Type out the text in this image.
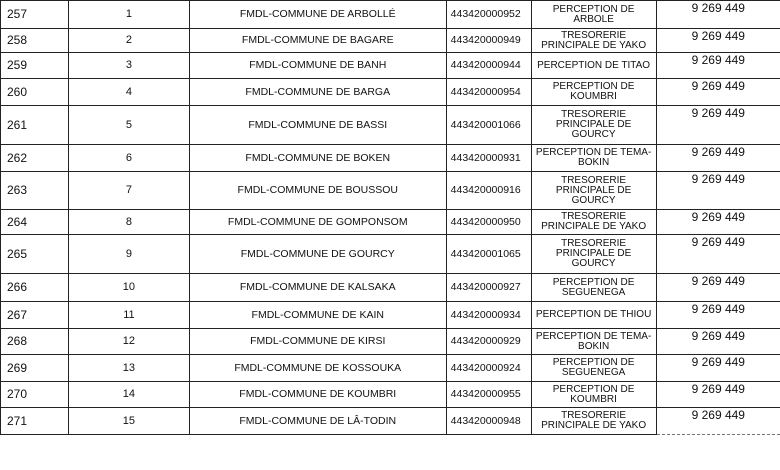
257	1	FMDL-COMMUNE DE ARBOLLÉ	443420000952	PERCEPTION DE ARBOLE	9 269 449
258	2	FMDL-COMMUNE DE BAGARE	443420000949	TRESORERIE PRINCIPALE DE YAKO	9 269 449
259	3	FMDL-COMMUNE DE BANH	443420000944	PERCEPTION DE TITAO	9 269 449
260	4	FMDL-COMMUNE DE BARGA	443420000954	PERCEPTION DE KOUMBRI	9 269 449
261	5	FMDL-COMMUNE DE BASSI	443420001066	TRESORERIE PRINCIPALE DE GOURCY	9 269 449
262	6	FMDL-COMMUNE DE BOKEN	443420000931	PERCEPTION DE TEMA-BOKIN	9 269 449
263	7	FMDL-COMMUNE DE BOUSSOU	443420000916	TRESORERIE PRINCIPALE DE GOURCY	9 269 449
264	8	FMDL-COMMUNE DE GOMPONSOM	443420000950	TRESORERIE PRINCIPALE DE YAKO	9 269 449
265	9	FMDL-COMMUNE DE GOURCY	443420001065	TRESORERIE PRINCIPALE DE GOURCY	9 269 449
266	10	FMDL-COMMUNE DE KALSAKA	443420000927	PERCEPTION DE SEGUENEGA	9 269 449
267	11	FMDL-COMMUNE DE KAIN	443420000934	PERCEPTION DE THIOU	9 269 449
268	12	FMDL-COMMUNE DE KIRSI	443420000929	PERCEPTION DE TEMA-BOKIN	9 269 449
269	13	FMDL-COMMUNE DE KOSSOUKA	443420000924	PERCEPTION DE SEGUENEGA	9 269 449
270	14	FMDL-COMMUNE DE KOUMBRI	443420000955	PERCEPTION DE KOUMBRI	9 269 449
271	15	FMDL-COMMUNE DE LÂ-TODIN	443420000948	TRESORERIE PRINCIPALE DE YAKO	9 269 449
